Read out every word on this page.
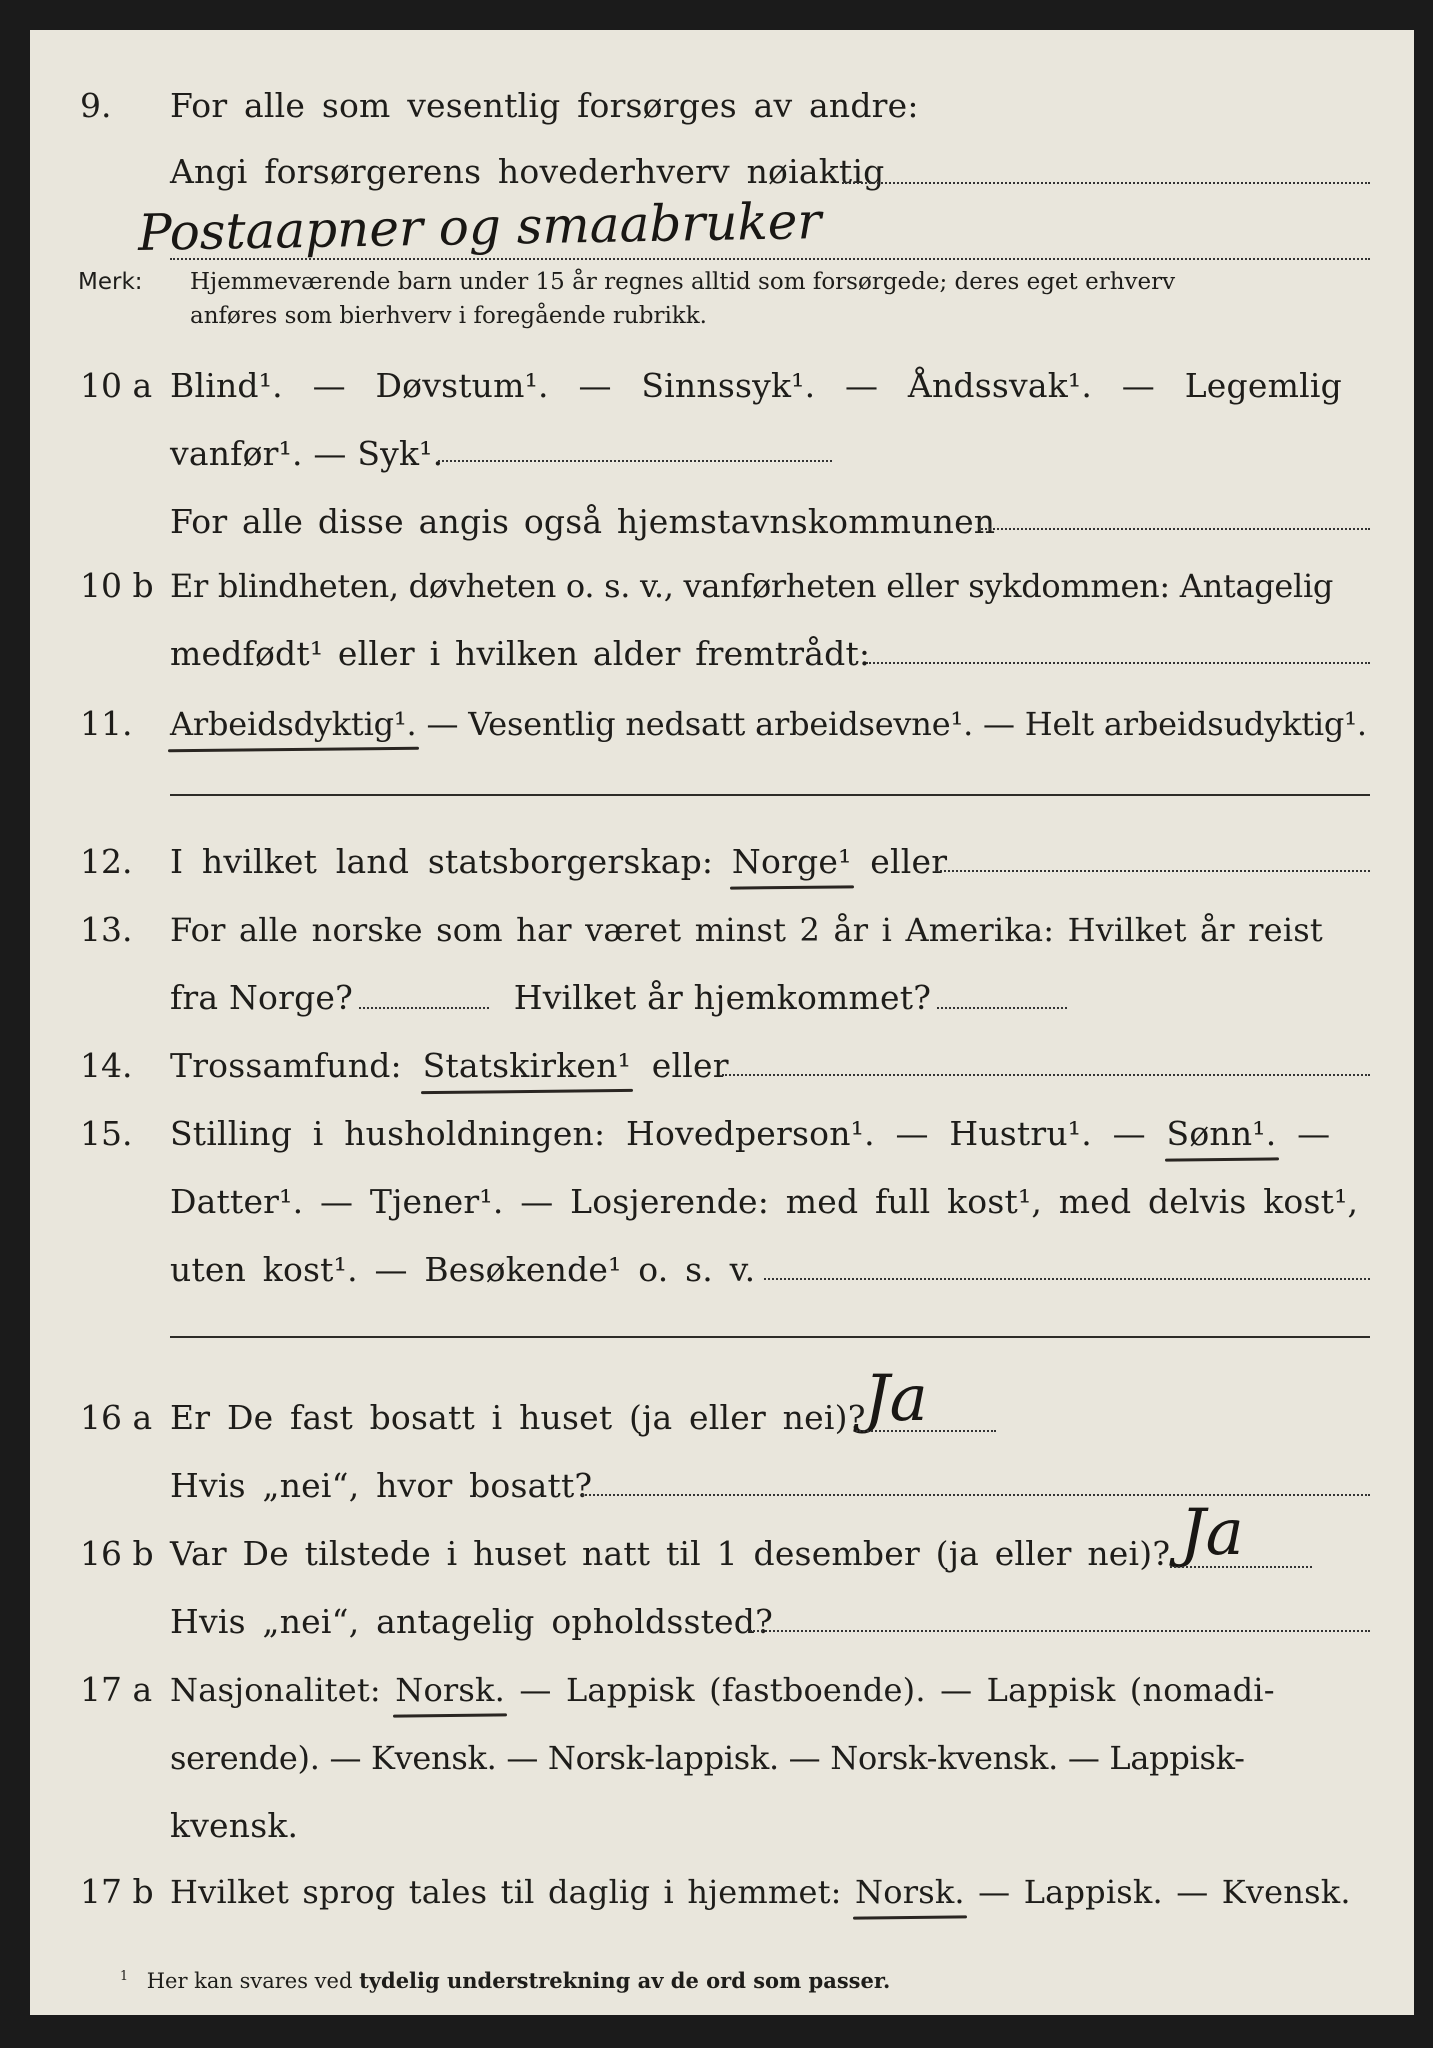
9. For alle som vesentlig forsørges av andre:
Angi forsørgerens hovederhverv nøiaktig
Postaapner og smaabruker
Merk: Hjemmeværende barn under 15 år regnes alltid som forsørgede; deres eget erhverv
anføres som bierhverv i foregående rubrikk.
10 a Blind¹. — Døvstum¹. — Sinnssyk¹. — Åndssvak¹. — Legemlig
vanfør¹. — Syk¹.
For alle disse angis også hjemstavnskommunen
10 b Er blindheten, døvheten o. s. v., vanførheten eller sykdommen: Antagelig
medfødt¹ eller i hvilken alder fremtrådt:
11. Arbeidsdyktig¹. — Vesentlig nedsatt arbeidsevne¹. — Helt arbeidsudyktig¹.
12. I hvilket land statsborgerskap: Norge¹ eller
13. For alle norske som har været minst 2 år i Amerika: Hvilket år reist
fra Norge?	Hvilket år hjemkommet?
14. Trossamfund: Statskirken¹ eller
15. Stilling i husholdningen: Hovedperson¹. — Hustru¹. — Sønn¹. —
Datter¹. — Tjener¹. — Losjerende: med full kost¹, med delvis kost¹,
uten kost¹. — Besøkende¹ o. s. v.
16 a Er De fast bosatt i huset (ja eller nei)?
Ja
Hvis „nei“, hvor bosatt?
16 b Var De tilstede i huset natt til 1 desember (ja eller nei)? Ja
Hvis „nei“, antagelig opholdssted?
17 a Nasjonalitet: Norsk. — Lappisk (fastboende). — Lappisk (nomadi-
serende). — Kvensk. — Norsk-lappisk. — Norsk-kvensk. — Lappisk-
kvensk.
17 b Hvilket sprog tales til daglig i hjemmet: Norsk. — Lappisk. — Kvensk.
$^1$ Her kan svares ved tydelig understrekning av de ord som passer.
